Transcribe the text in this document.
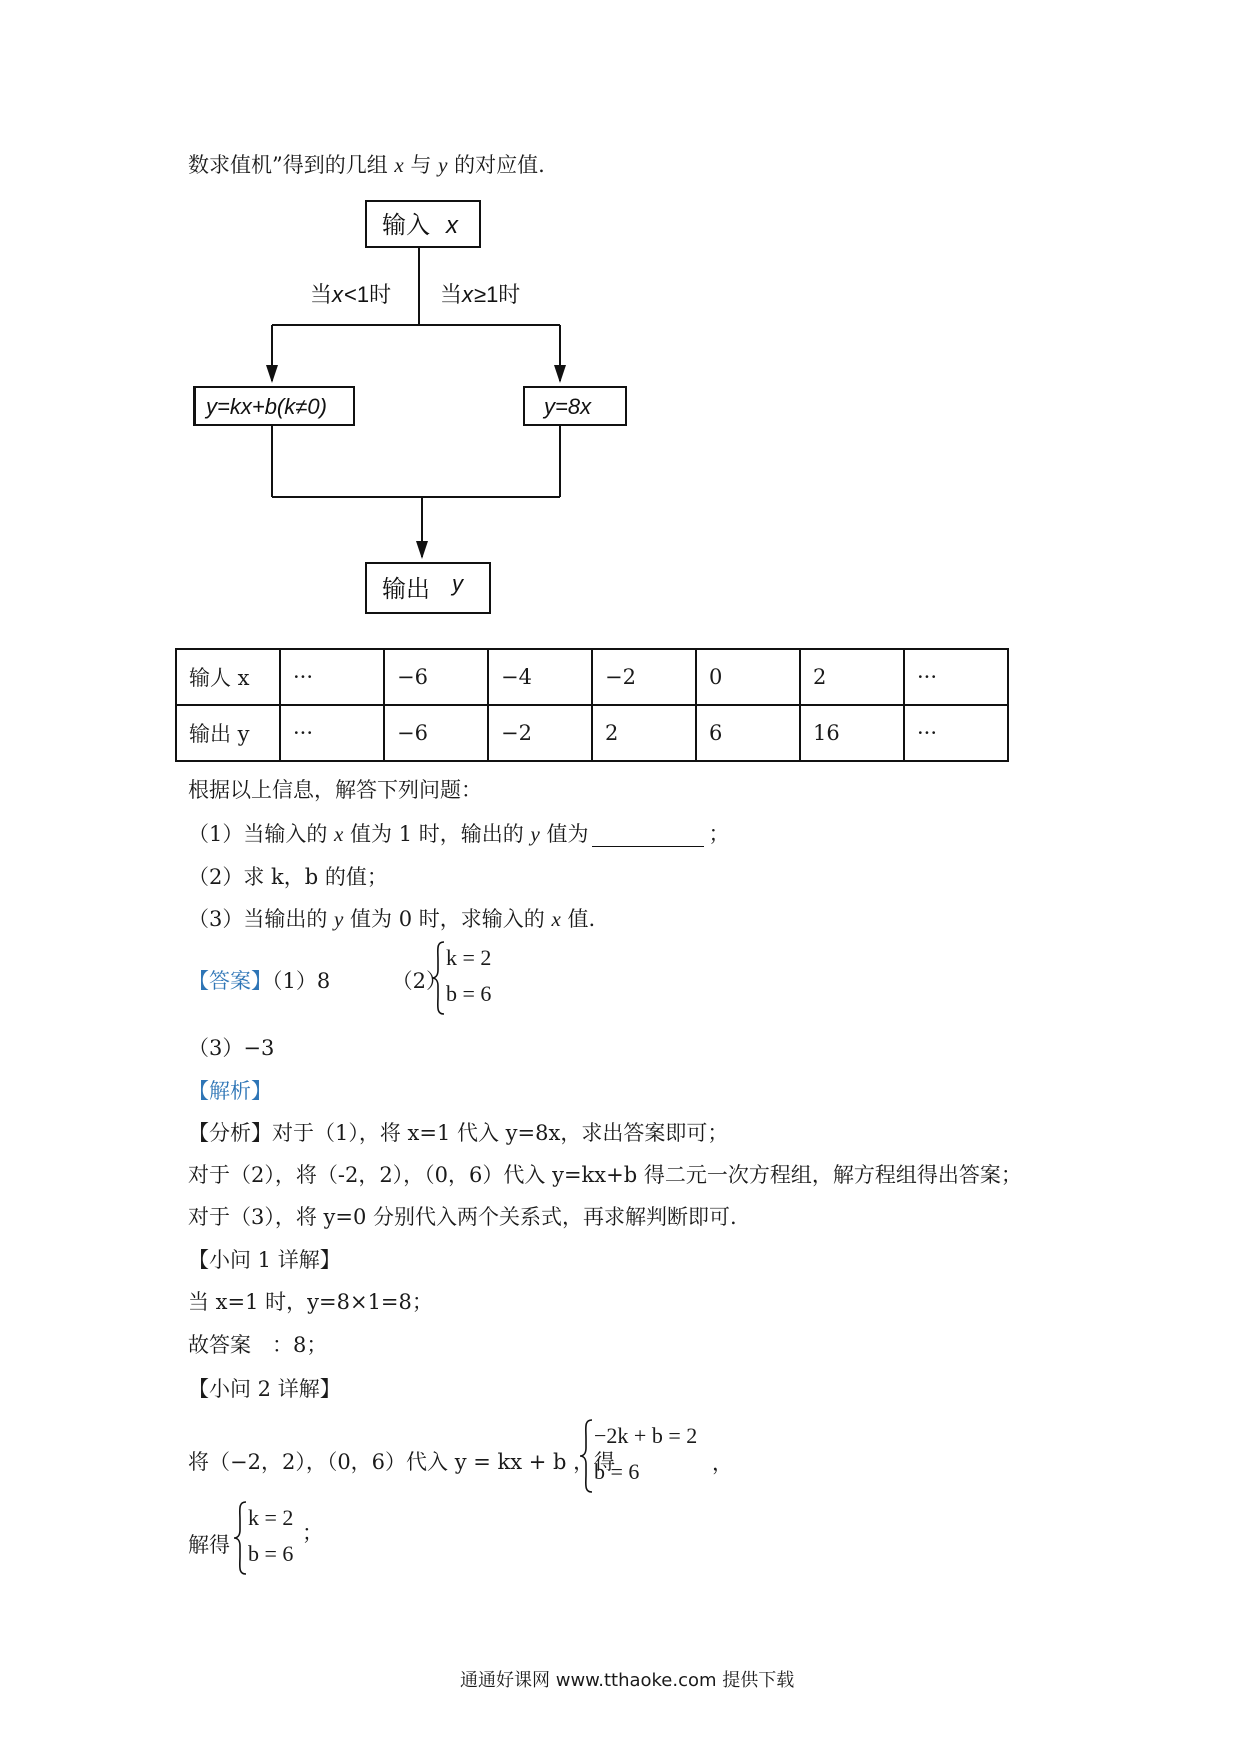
数求值机”得到的几组 x 与 y 的对应值.
输入 x
当 x <1时 当 x ≥1时
y=kx+b(k≠0)	y=8x
输出 y
输人 x	···	−6	−4	−2	0	2	···
输出 y	···	−6	−2	2	6	16	···
根据以上信息，解答下列问题：
（1）当输入的 x 值为 1 时，输出的 y 值为	；
（2）求 k，b 的值；
（3）当输出的 y 值为 0 时，求输入的 x 值.
【答案】（1）8	（2）
k = 2
b = 6
（3）−3
【解析】
【分析】对于（1），将 x=1 代入 y=8x，求出答案即可；
对于（2），将（-2，2），（0，6）代入 y=kx+b 得二元一次方程组，解方程组得出答案；
对于（3），将 y=0 分别代入两个关系式，再求解判断即可.
【小问 1 详解】
当 x=1 时，y=8×1=8；
故答案　：8；
【小问 2 详解】
将（−2，2），（0，6）代入 y = kx + b ，得
−2k + b = 2
b = 6	，
解得
k = 2
b = 6
；
通通好课网 www.tthaoke.com 提供下载
